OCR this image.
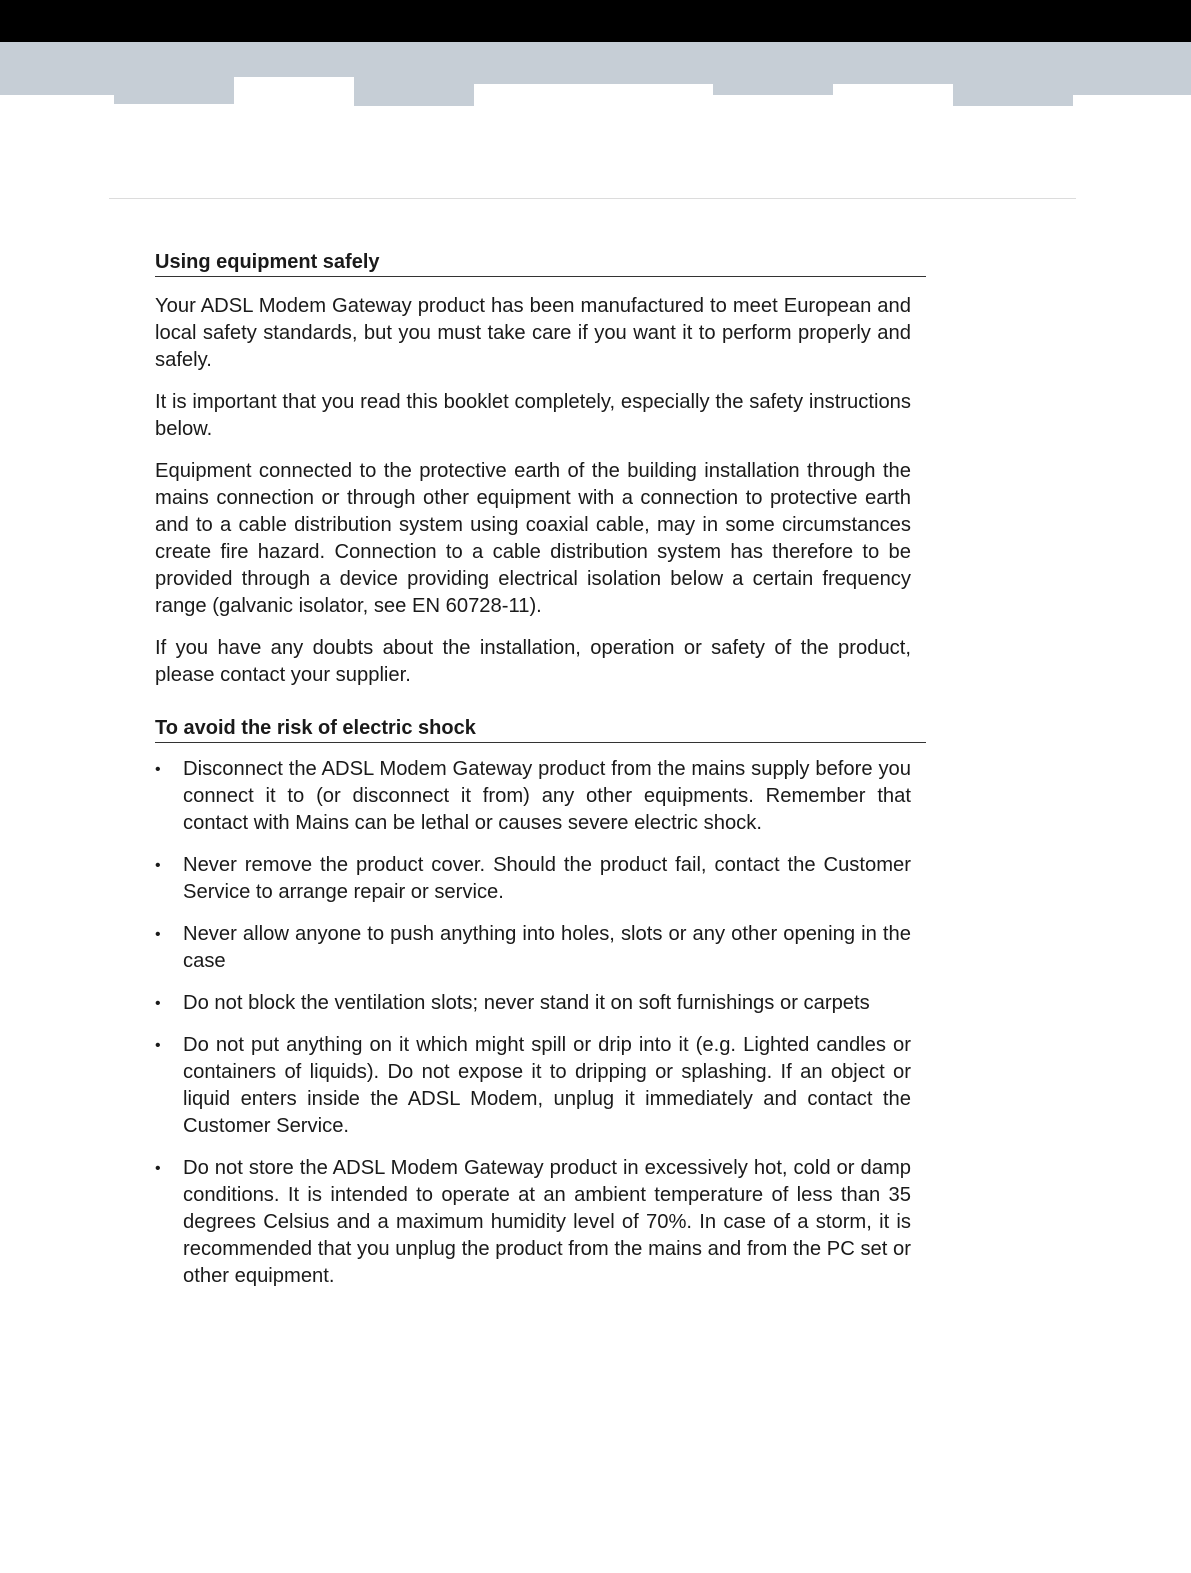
Using equipment safely

Your ADSL Modem Gateway product has been manufactured to meet European and local safety standards, but you must take care if you want it to perform properly and safely.

It is important that you read this booklet completely, especially the safety instructions below.

Equipment connected to the protective earth of the building installation through the mains connection or through other equipment with a connection to protective earth and to a cable distribution system using coaxial cable, may in some circumstances create fire hazard. Connection to a cable distribution system has therefore to be provided through a device providing electrical isolation below a certain frequency range (galvanic isolator, see EN 60728-11).

If you have any doubts about the installation, operation or safety of the product, please contact your supplier.

To avoid the risk of electric shock
• Disconnect the ADSL Modem Gateway product from the mains supply before you connect it to (or disconnect it from) any other equipments. Remember that contact with Mains can be lethal or causes severe electric shock.
• Never remove the product cover. Should the product fail, contact the Customer Service to arrange repair or service.
• Never allow anyone to push anything into holes, slots or any other opening in the case
• Do not block the ventilation slots; never stand it on soft furnishings or carpets
• Do not put anything on it which might spill or drip into it (e.g. Lighted candles or containers of liquids). Do not expose it to dripping or splashing. If an object or liquid enters inside the ADSL Modem, unplug it immediately and contact the Customer Service.
• Do not store the ADSL Modem Gateway product in excessively hot, cold or damp conditions. It is intended to operate at an ambient temperature of less than 35 degrees Celsius and a maximum humidity level of 70%. In case of a storm, it is recommended that you unplug the product from the mains and from the PC set or other equipment.
